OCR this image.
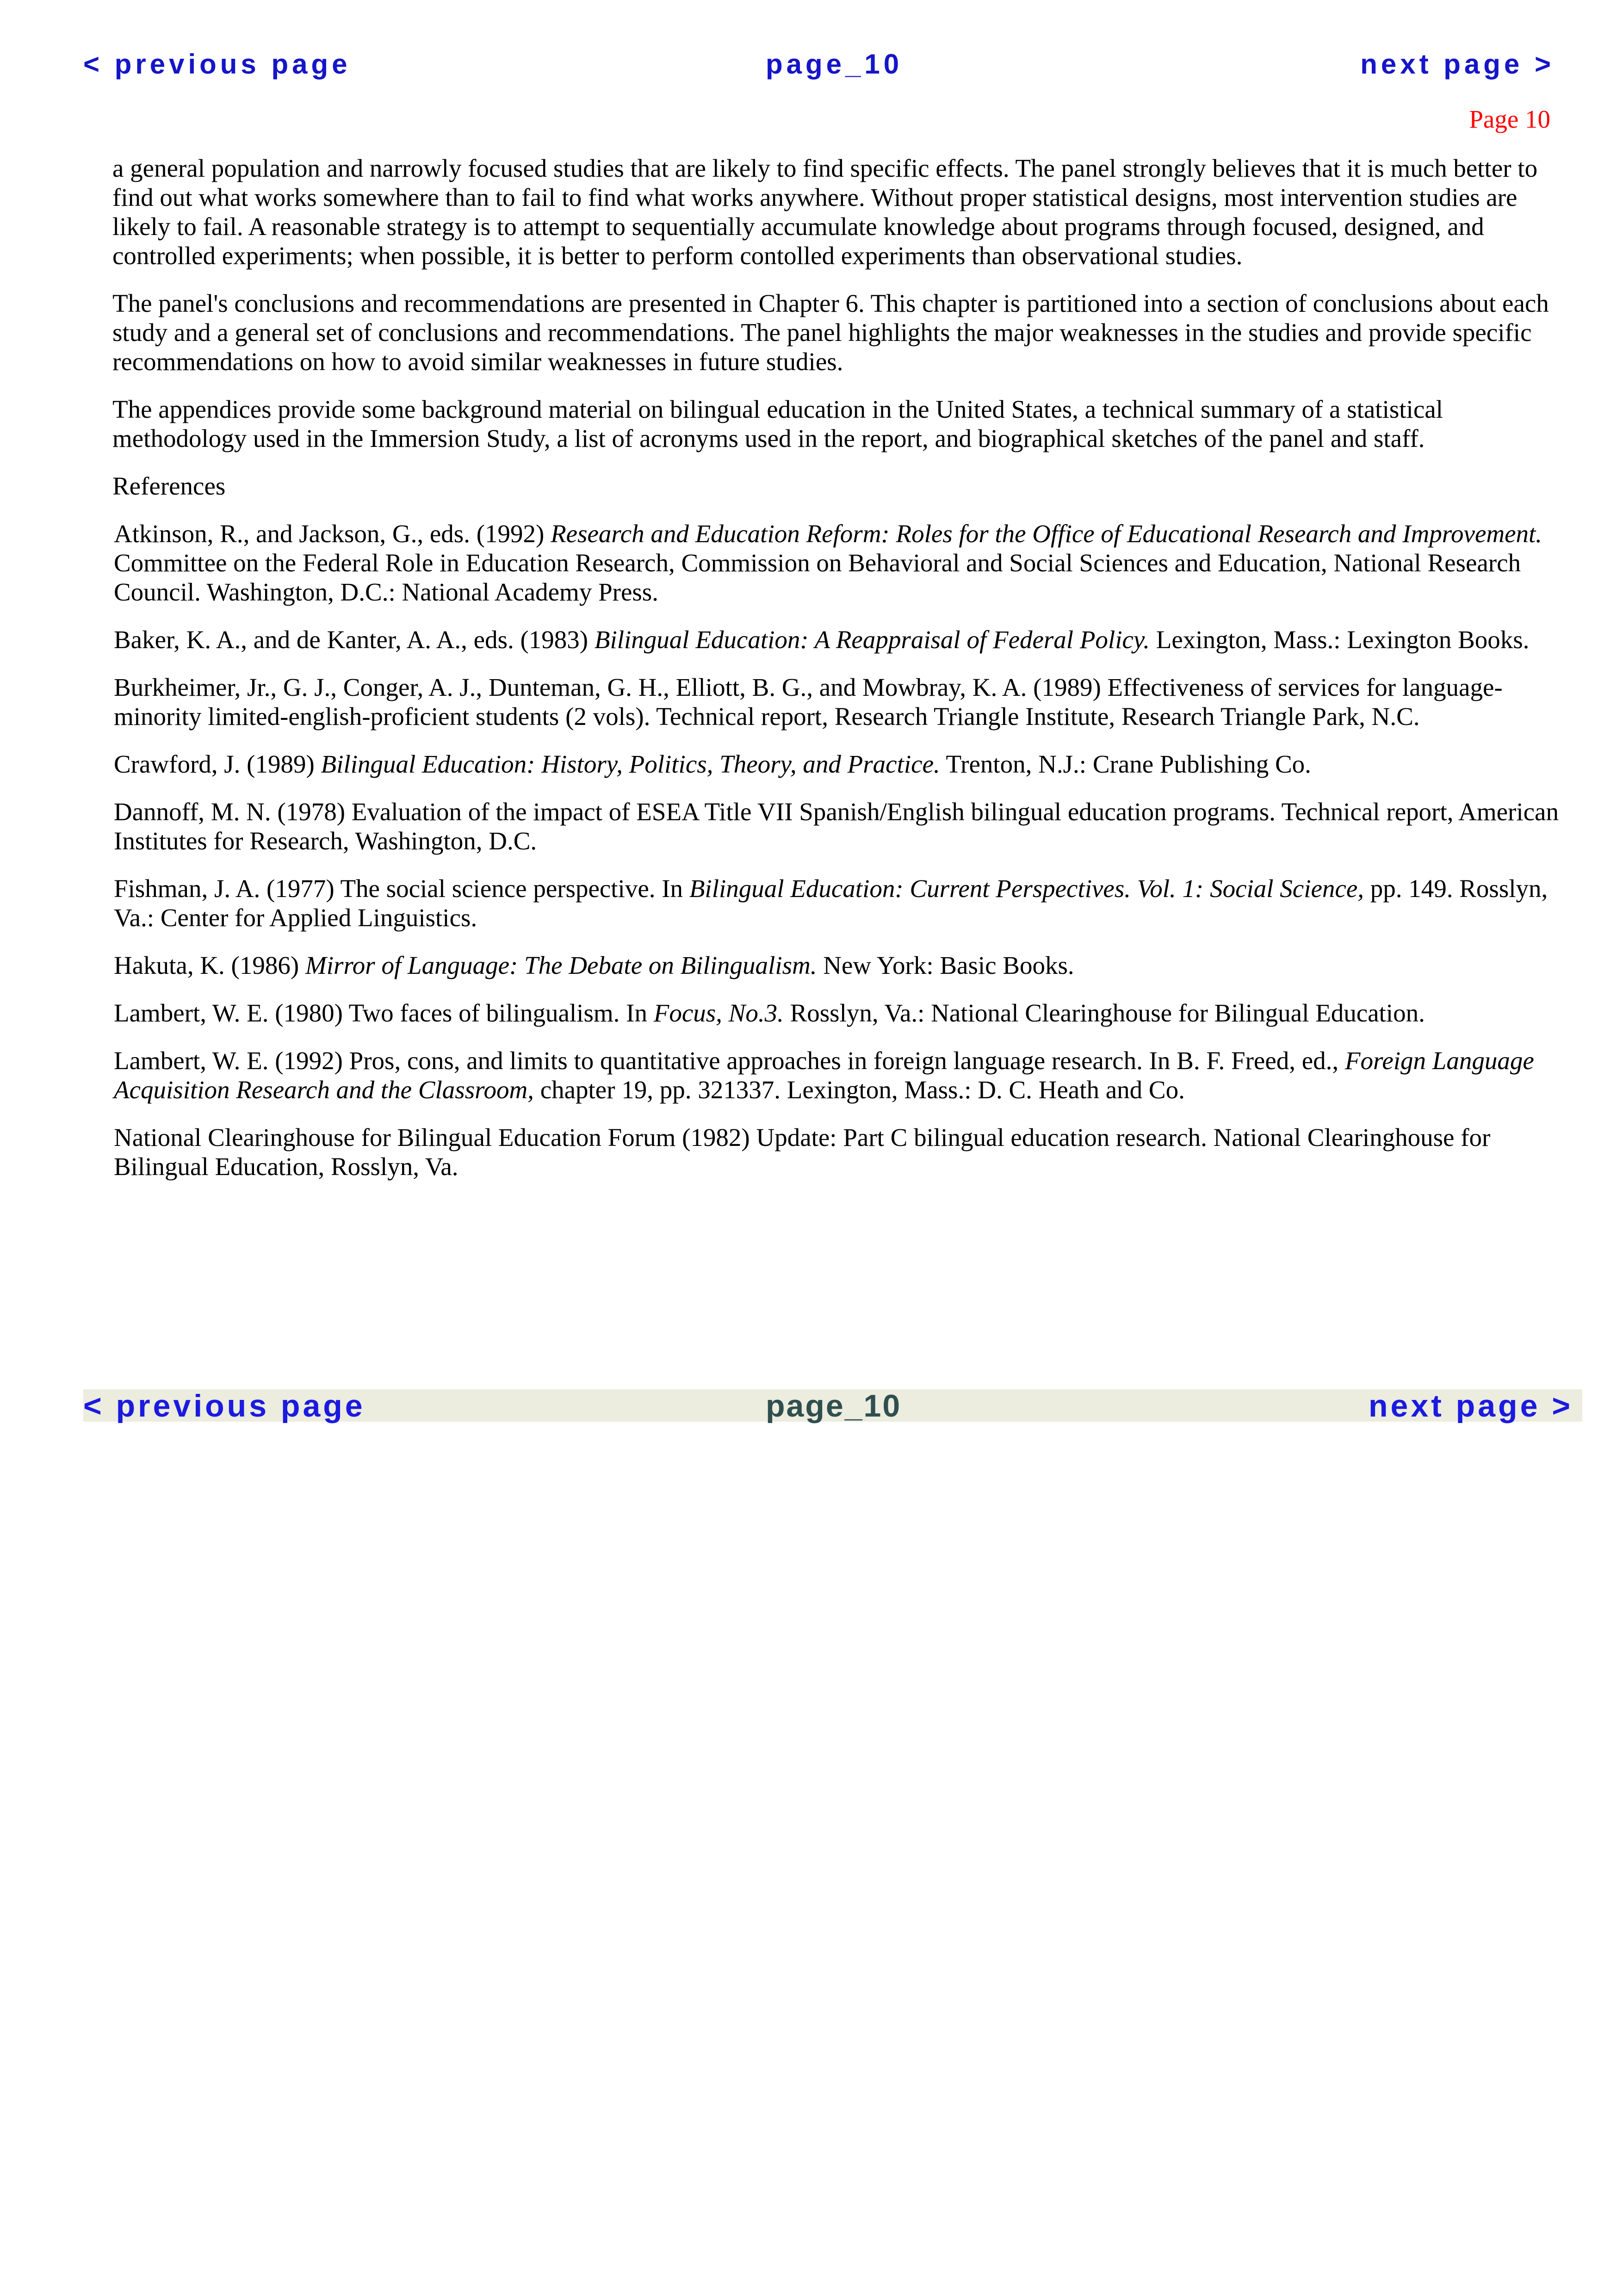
< previous page	page_10	next page >
Page 10

a general population and narrowly focused studies that are likely to find specific effects. The panel strongly believes that it is much better to find out what works somewhere than to fail to find what works anywhere. Without proper statistical designs, most intervention studies are likely to fail. A reasonable strategy is to attempt to sequentially accumulate knowledge about programs through focused, designed, and controlled experiments; when possible, it is better to perform contolled experiments than observational studies.

The panel's conclusions and recommendations are presented in Chapter 6. This chapter is partitioned into a section of conclusions about each study and a general set of conclusions and recommendations. The panel highlights the major weaknesses in the studies and provide specific recommendations on how to avoid similar weaknesses in future studies.

The appendices provide some background material on bilingual education in the United States, a technical summary of a statistical methodology used in the Immersion Study, a list of acronyms used in the report, and biographical sketches of the panel and staff.

References

Atkinson, R., and Jackson, G., eds. (1992) Research and Education Reform: Roles for the Office of Educational Research and Improvement. Committee on the Federal Role in Education Research, Commission on Behavioral and Social Sciences and Education, National Research Council. Washington, D.C.: National Academy Press.

Baker, K. A., and de Kanter, A. A., eds. (1983) Bilingual Education: A Reappraisal of Federal Policy. Lexington, Mass.: Lexington Books.

Burkheimer, Jr., G. J., Conger, A. J., Dunteman, G. H., Elliott, B. G., and Mowbray, K. A. (1989) Effectiveness of services for language-minority limited-english-proficient students (2 vols). Technical report, Research Triangle Institute, Research Triangle Park, N.C.

Crawford, J. (1989) Bilingual Education: History, Politics, Theory, and Practice. Trenton, N.J.: Crane Publishing Co.

Dannoff, M. N. (1978) Evaluation of the impact of ESEA Title VII Spanish/English bilingual education programs. Technical report, American Institutes for Research, Washington, D.C.

Fishman, J. A. (1977) The social science perspective. In Bilingual Education: Current Perspectives. Vol. 1: Social Science, pp. 149. Rosslyn, Va.: Center for Applied Linguistics.

Hakuta, K. (1986) Mirror of Language: The Debate on Bilingualism. New York: Basic Books.

Lambert, W. E. (1980) Two faces of bilingualism. In Focus, No.3. Rosslyn, Va.: National Clearinghouse for Bilingual Education.

Lambert, W. E. (1992) Pros, cons, and limits to quantitative approaches in foreign language research. In B. F. Freed, ed., Foreign Language Acquisition Research and the Classroom, chapter 19, pp. 321337. Lexington, Mass.: D. C. Heath and Co.

National Clearinghouse for Bilingual Education Forum (1982) Update: Part C bilingual education research. National Clearinghouse for Bilingual Education, Rosslyn, Va.

< previous page	page_10	next page >
